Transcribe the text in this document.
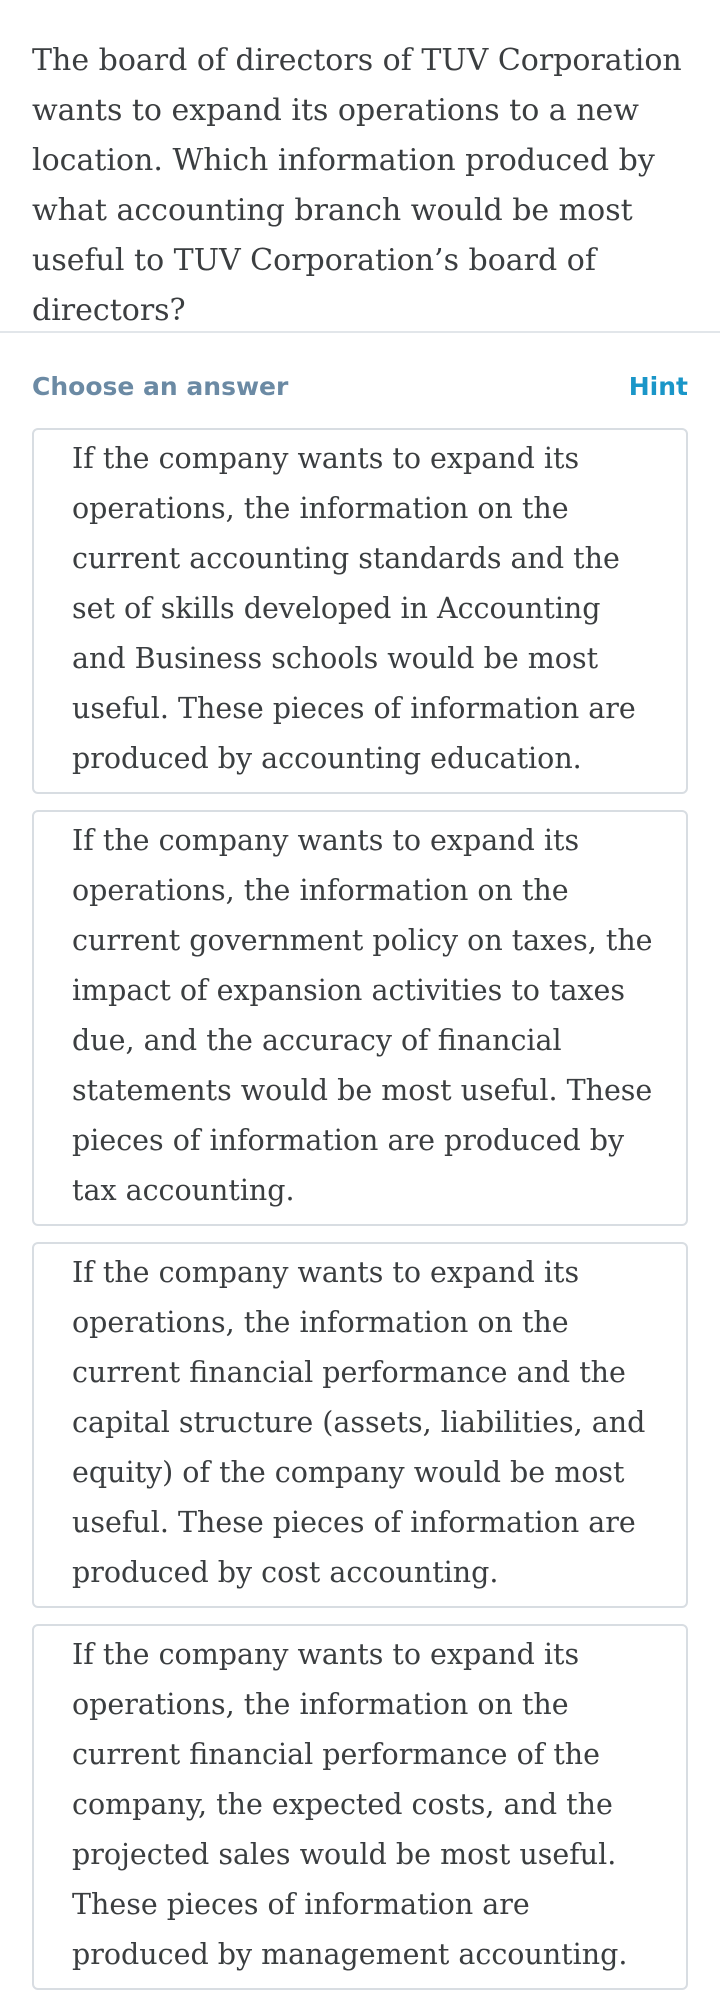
The board of directors of TUV Corporation wants to expand its operations to a new location. Which information produced by what accounting branch would be most useful to TUV Corporation’s board of directors?

Choose an answer	Hint
If the company wants to expand its operations, the information on the current accounting standards and the set of skills developed in Accounting and Business schools would be most useful. These pieces of information are produced by accounting education.
If the company wants to expand its operations, the information on the current government policy on taxes, the impact of expansion activities to taxes due, and the accuracy of financial statements would be most useful. These pieces of information are produced by tax accounting.
If the company wants to expand its operations, the information on the current financial performance and the capital structure (assets, liabilities, and equity) of the company would be most useful. These pieces of information are produced by cost accounting.
If the company wants to expand its operations, the information on the current financial performance of the company, the expected costs, and the projected sales would be most useful. These pieces of information are produced by management accounting.
